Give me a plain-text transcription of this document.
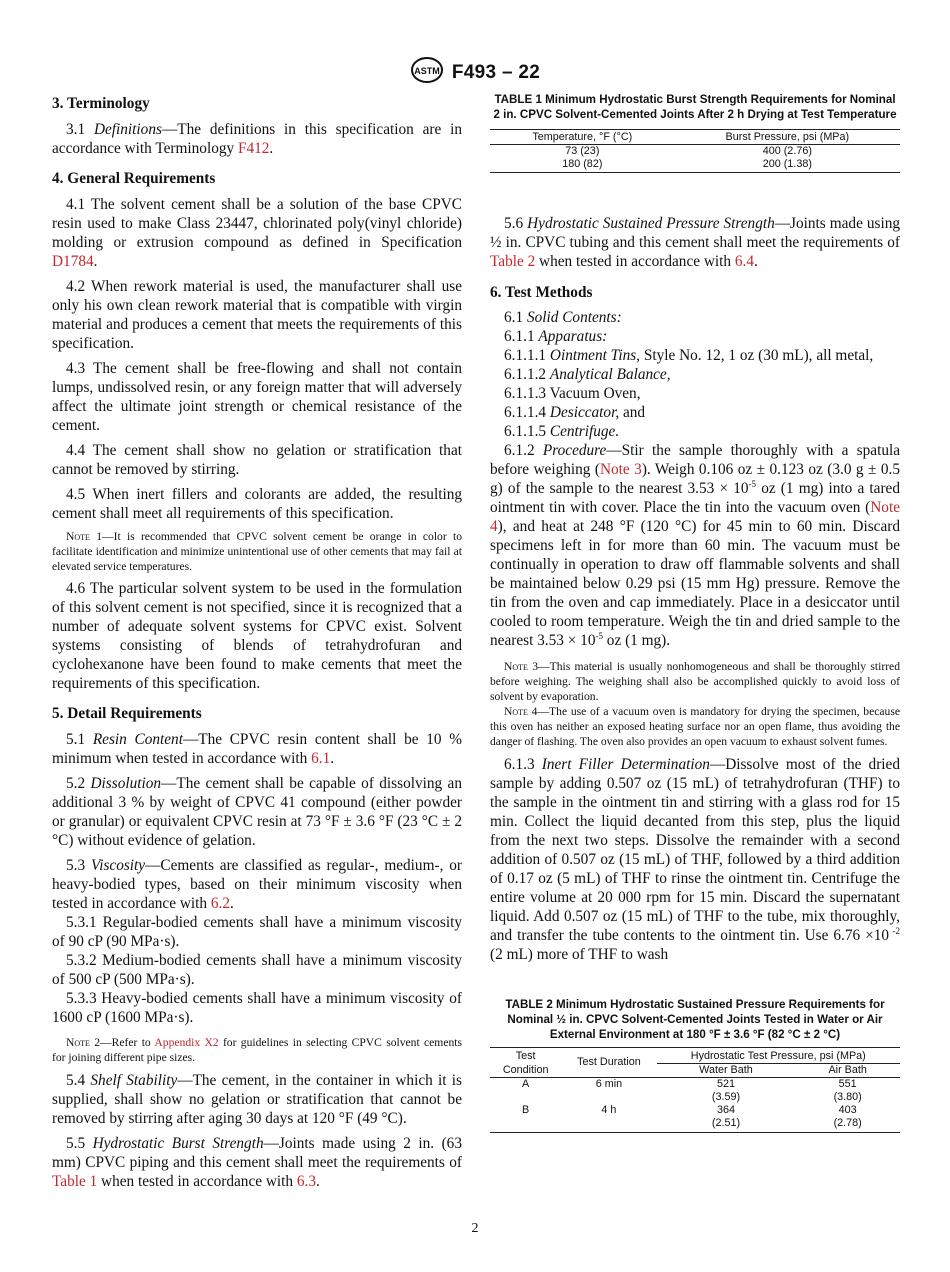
ASTM F493 – 22
3. Terminology

3.1 Definitions—The definitions in this specification are in accordance with Terminology F412.

4. General Requirements

4.1 The solvent cement shall be a solution of the base CPVC resin used to make Class 23447, chlorinated poly(vinyl chloride) molding or extrusion compound as defined in Specification D1784.

4.2 When rework material is used, the manufacturer shall use only his own clean rework material that is compatible with virgin material and produces a cement that meets the requirements of this specification.

4.3 The cement shall be free-flowing and shall not contain lumps, undissolved resin, or any foreign matter that will adversely affect the ultimate joint strength or chemical resistance of the cement.

4.4 The cement shall show no gelation or stratification that cannot be removed by stirring.

4.5 When inert fillers and colorants are added, the resulting cement shall meet all requirements of this specification.

Note 1—It is recommended that CPVC solvent cement be orange in color to facilitate identification and minimize unintentional use of other cements that may fail at elevated service temperatures.

4.6 The particular solvent system to be used in the formulation of this solvent cement is not specified, since it is recognized that a number of adequate solvent systems for CPVC exist. Solvent systems consisting of blends of tetrahydrofuran and cyclohexanone have been found to make cements that meet the requirements of this specification.

5. Detail Requirements

5.1 Resin Content—The CPVC resin content shall be 10 % minimum when tested in accordance with 6.1.

5.2 Dissolution—The cement shall be capable of dissolving an additional 3 % by weight of CPVC 41 compound (either powder or granular) or equivalent CPVC resin at 73 °F ± 3.6 °F (23 °C ± 2 °C) without evidence of gelation.

5.3 Viscosity—Cements are classified as regular-, medium-, or heavy-bodied types, based on their minimum viscosity when tested in accordance with 6.2.

5.3.1 Regular-bodied cements shall have a minimum viscosity of 90 cP (90 MPa·s).

5.3.2 Medium-bodied cements shall have a minimum viscosity of 500 cP (500 MPa·s).

5.3.3 Heavy-bodied cements shall have a minimum viscosity of 1600 cP (1600 MPa·s).

Note 2—Refer to Appendix X2 for guidelines in selecting CPVC solvent cements for joining different pipe sizes.

5.4 Shelf Stability—The cement, in the container in which it is supplied, shall show no gelation or stratification that cannot be removed by stirring after aging 30 days at 120 °F (49 °C).

5.5 Hydrostatic Burst Strength—Joints made using 2 in. (63 mm) CPVC piping and this cement shall meet the requirements of Table 1 when tested in accordance with 6.3.

TABLE 1 Minimum Hydrostatic Burst Strength Requirements for Nominal 2 in. CPVC Solvent-Cemented Joints After 2 h Drying at Test Temperature

Temperature, °F (°C)	Burst Pressure, psi (MPa)
73 (23)	400 (2.76)
180 (82)	200 (1.38)

5.6 Hydrostatic Sustained Pressure Strength—Joints made using ½ in. CPVC tubing and this cement shall meet the requirements of Table 2 when tested in accordance with 6.4.

6. Test Methods

6.1 Solid Contents:

6.1.1 Apparatus:

6.1.1.1 Ointment Tins, Style No. 12, 1 oz (30 mL), all metal,

6.1.1.2 Analytical Balance,

6.1.1.3 Vacuum Oven,

6.1.1.4 Desiccator, and

6.1.1.5 Centrifuge.

6.1.2 Procedure—Stir the sample thoroughly with a spatula before weighing (Note 3). Weigh 0.106 oz ± 0.123 oz (3.0 g ± 0.5 g) of the sample to the nearest $3.53 \times 10^{-5}$ oz (1 mg) into a tared ointment tin with cover. Place the tin into the vacuum oven (Note 4), and heat at 248 °F (120 °C) for 45 min to 60 min. Discard specimens left in for more than 60 min. The vacuum must be continually in operation to draw off flammable solvents and shall be maintained below 0.29 psi (15 mm Hg) pressure. Remove the tin from the oven and cap immediately. Place in a desiccator until cooled to room temperature. Weigh the tin and dried sample to the nearest $3.53 \times 10^{-5}$ oz (1 mg).

Note 3—This material is usually nonhomogeneous and shall be thoroughly stirred before weighing. The weighing shall also be accomplished quickly to avoid loss of solvent by evaporation.

Note 4—The use of a vacuum oven is mandatory for drying the specimen, because this oven has neither an exposed heating surface nor an open flame, thus avoiding the danger of flashing. The oven also provides an open vacuum to exhaust solvent fumes.

6.1.3 Inert Filler Determination—Dissolve most of the dried sample by adding 0.507 oz (15 mL) of tetrahydrofuran (THF) to the sample in the ointment tin and stirring with a glass rod for 15 min. Collect the liquid decanted from this step, plus the liquid from the next two steps. Dissolve the remainder with a second addition of 0.507 oz (15 mL) of THF, followed by a third addition of 0.17 oz (5 mL) of THF to rinse the ointment tin. Centrifuge the entire volume at 20 000 rpm for 15 min. Discard the supernatant liquid. Add 0.507 oz (15 mL) of THF to the tube, mix thoroughly, and transfer the tube contents to the ointment tin. Use 6.76 ×10 $^{-2}$ (2 mL) more of THF to wash

TABLE 2 Minimum Hydrostatic Sustained Pressure Requirements for Nominal ½ in. CPVC Solvent-Cemented Joints Tested in Water or Air External Environment at 180 °F ± 3.6 °F (82 °C ± 2 °C)

Test	Test Duration	Hydrostatic Test Pressure, psi (MPa)	
Condition		Water Bath	Air Bath
A	6 min	521	551
		(3.59)	(3.80)
B	4 h	364	403
		(2.51)	(2.78)
2
